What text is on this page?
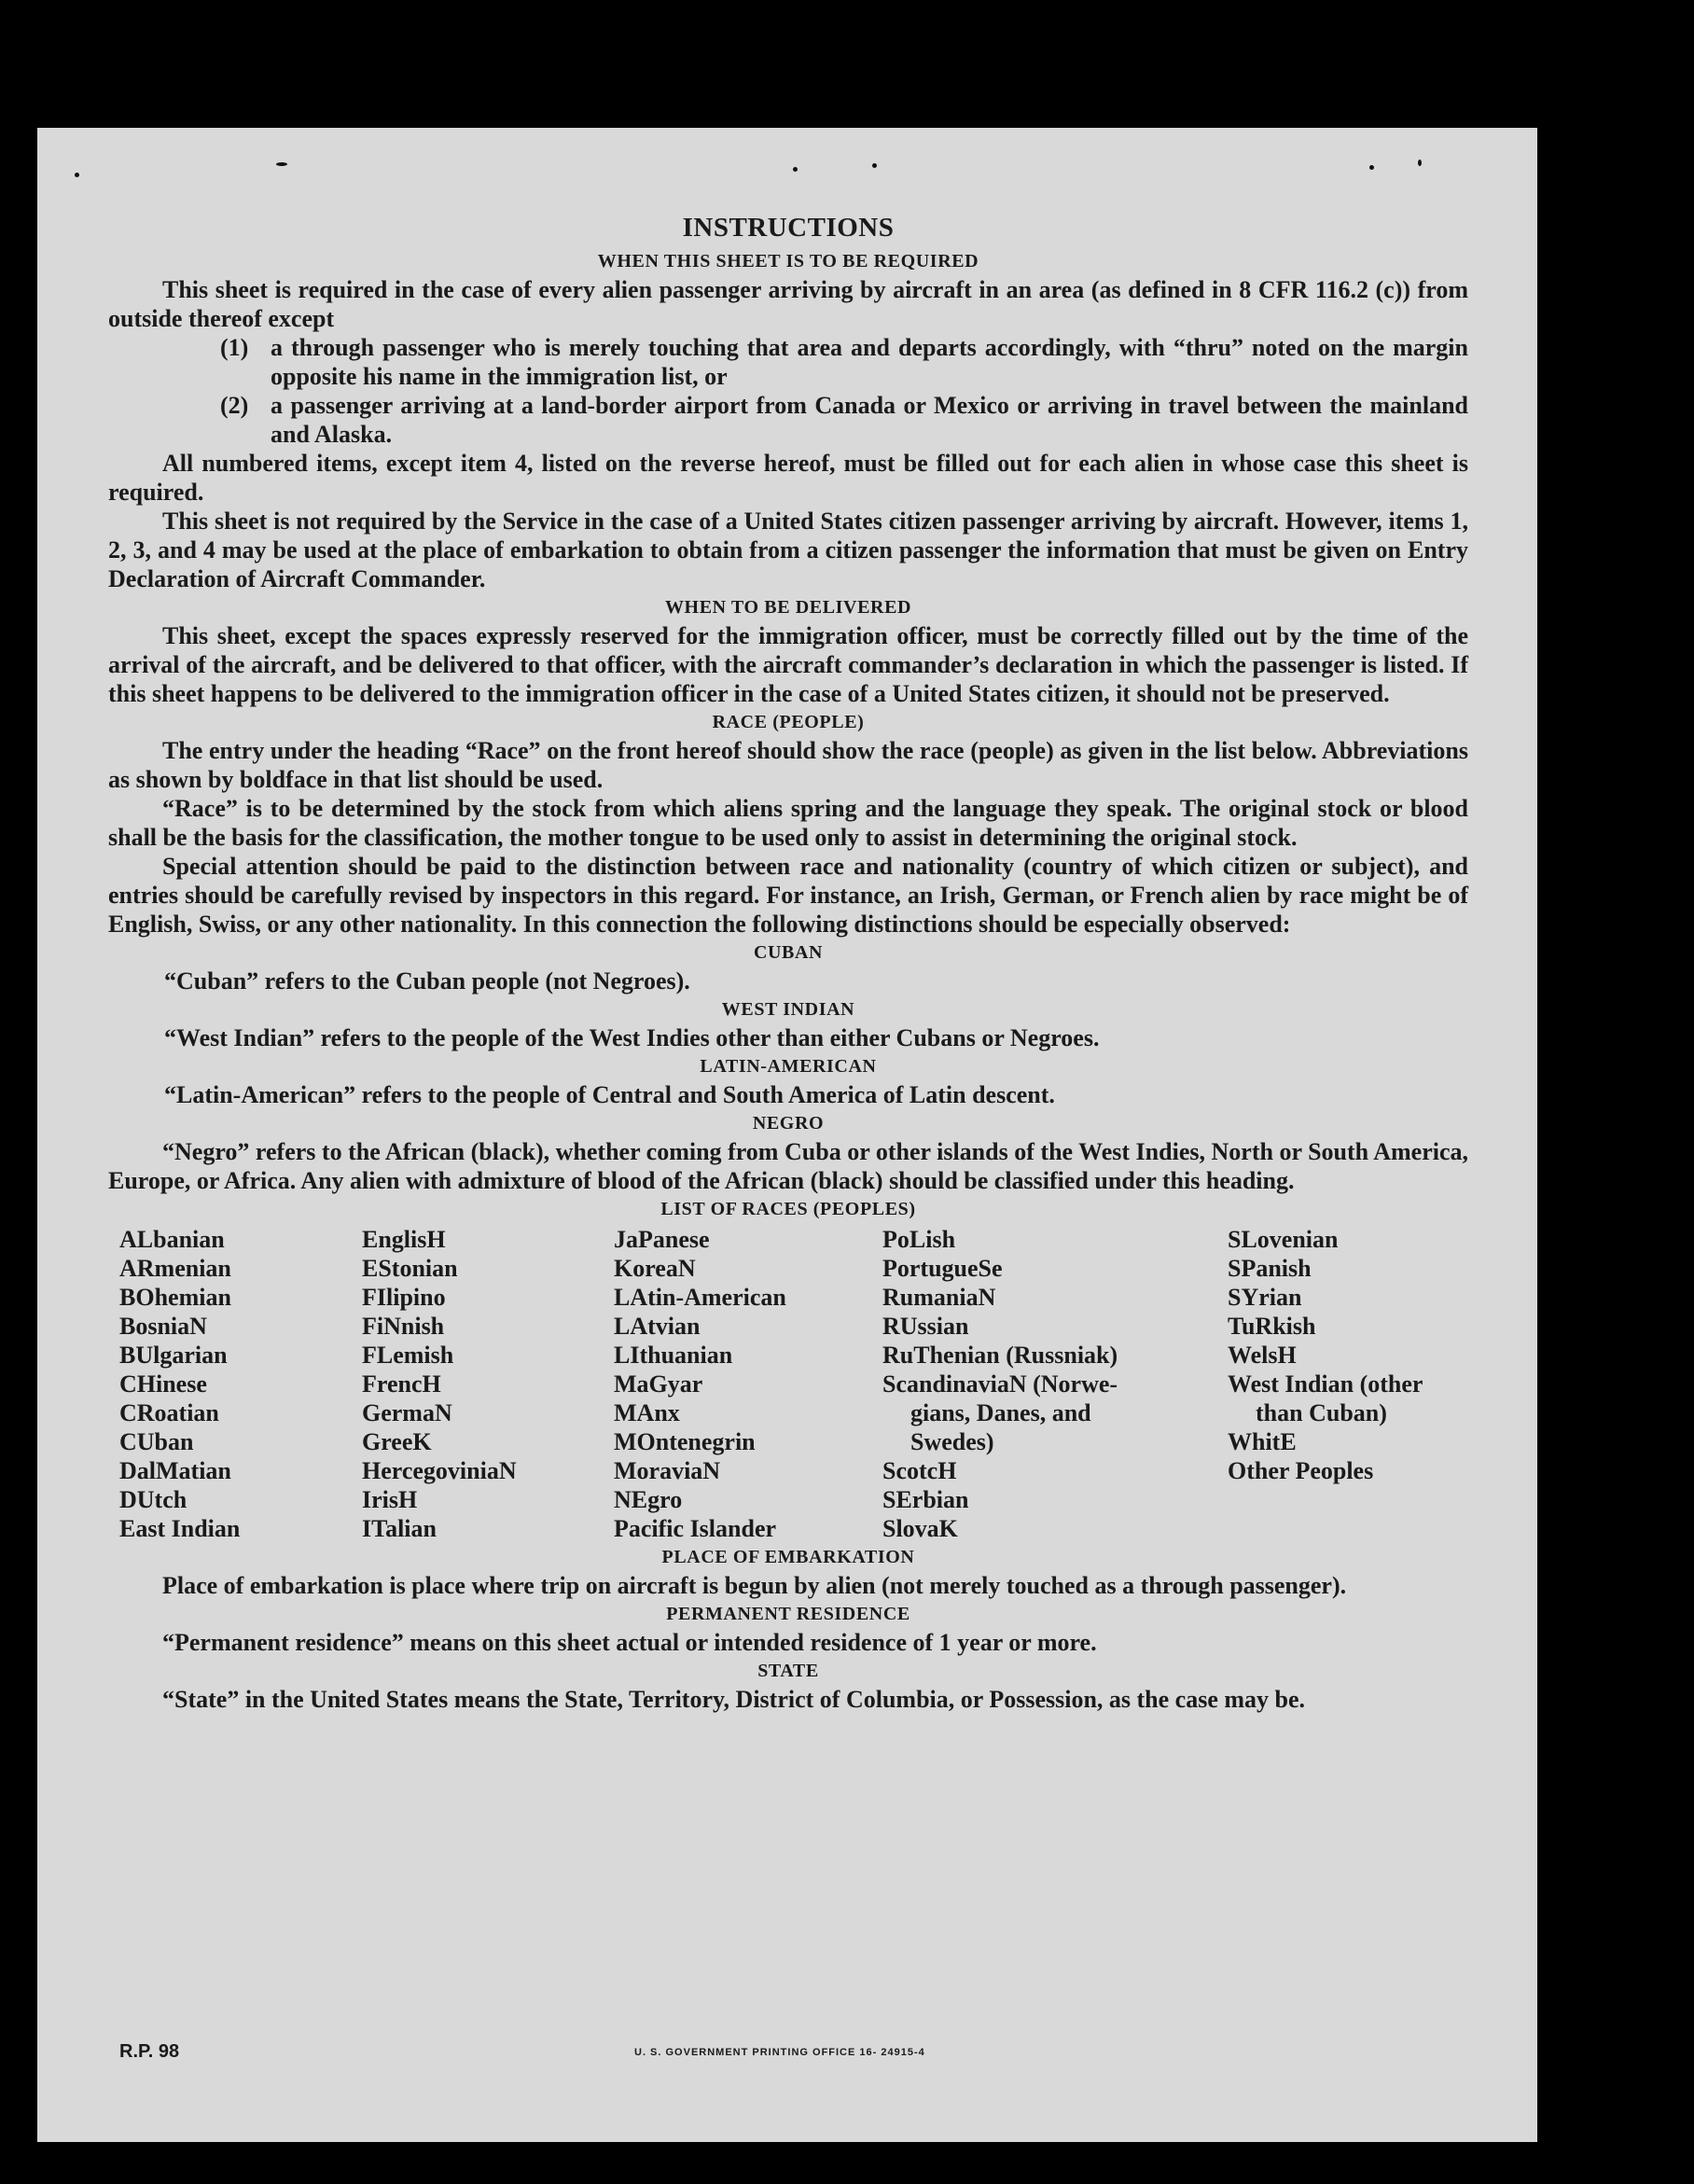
INSTRUCTIONS
WHEN THIS SHEET IS TO BE REQUIRED

This sheet is required in the case of every alien passenger arriving by aircraft in an area (as defined in 8 CFR 116.2 (c)) from outside thereof except

(1) a through passenger who is merely touching that area and departs accordingly, with “thru” noted on the margin opposite his name in the immigration list, or
(2) a passenger arriving at a land-border airport from Canada or Mexico or arriving in travel between the mainland and Alaska.

All numbered items, except item 4, listed on the reverse hereof, must be filled out for each alien in whose case this sheet is required.

This sheet is not required by the Service in the case of a United States citizen passenger arriving by aircraft. However, items 1, 2, 3, and 4 may be used at the place of embarkation to obtain from a citizen passenger the information that must be given on Entry Declaration of Aircraft Commander.

WHEN TO BE DELIVERED

This sheet, except the spaces expressly reserved for the immigration officer, must be correctly filled out by the time of the arrival of the aircraft, and be delivered to that officer, with the aircraft commander’s declaration in which the passenger is listed. If this sheet happens to be delivered to the immigration officer in the case of a United States citizen, it should not be preserved.

RACE (PEOPLE)

The entry under the heading “Race” on the front hereof should show the race (people) as given in the list below. Abbreviations as shown by boldface in that list should be used.

“Race” is to be determined by the stock from which aliens spring and the language they speak. The original stock or blood shall be the basis for the classification, the mother tongue to be used only to assist in determining the original stock.

Special attention should be paid to the distinction between race and nationality (country of which citizen or subject), and entries should be carefully revised by inspectors in this regard. For instance, an Irish, German, or French alien by race might be of English, Swiss, or any other nationality. In this connection the following distinctions should be especially observed:

CUBAN

“Cuban” refers to the Cuban people (not Negroes).

WEST INDIAN

“West Indian” refers to the people of the West Indies other than either Cubans or Negroes.

LATIN-AMERICAN

“Latin-American” refers to the people of Central and South America of Latin descent.

NEGRO

“Negro” refers to the African (black), whether coming from Cuba or other islands of the West Indies, North or South America, Europe, or Africa. Any alien with admixture of blood of the African (black) should be classified under this heading.

LIST OF RACES (PEOPLES)
ALbanian
ARmenian
BOhemian
BosniaN
BUlgarian
CHinese
CRoatian
CUban
DalMatian
DUtch
East Indian
EnglisH
EStonian
FIlipino
FiNnish
FLemish
FrencH
GermaN
GreeK
HercegoviniaN
IrisH
ITalian
JaPanese
KoreaN
LAtin-American
LAtvian
LIthuanian
MaGyar
MAnx
MOntenegrin
MoraviaN
NEgro
Pacific Islander
PoLish
PortugueSe
RumaniaN
RUssian
RuThenian (Russniak)
ScandinaviaN (Norwe-
gians, Danes, and
Swedes)
ScotcH
SErbian
SlovaK
SLovenian
SPanish
SYrian
TuRkish
WelsH
West Indian (other
than Cuban)
WhitE
Other Peoples
PLACE OF EMBARKATION

Place of embarkation is place where trip on aircraft is begun by alien (not merely touched as a through passenger).

PERMANENT RESIDENCE

“Permanent residence” means on this sheet actual or intended residence of 1 year or more.

STATE

“State” in the United States means the State, Territory, District of Columbia, or Possession, as the case may be.

R.P. 98	U. S. GOVERNMENT PRINTING OFFICE 16- 24915-4
